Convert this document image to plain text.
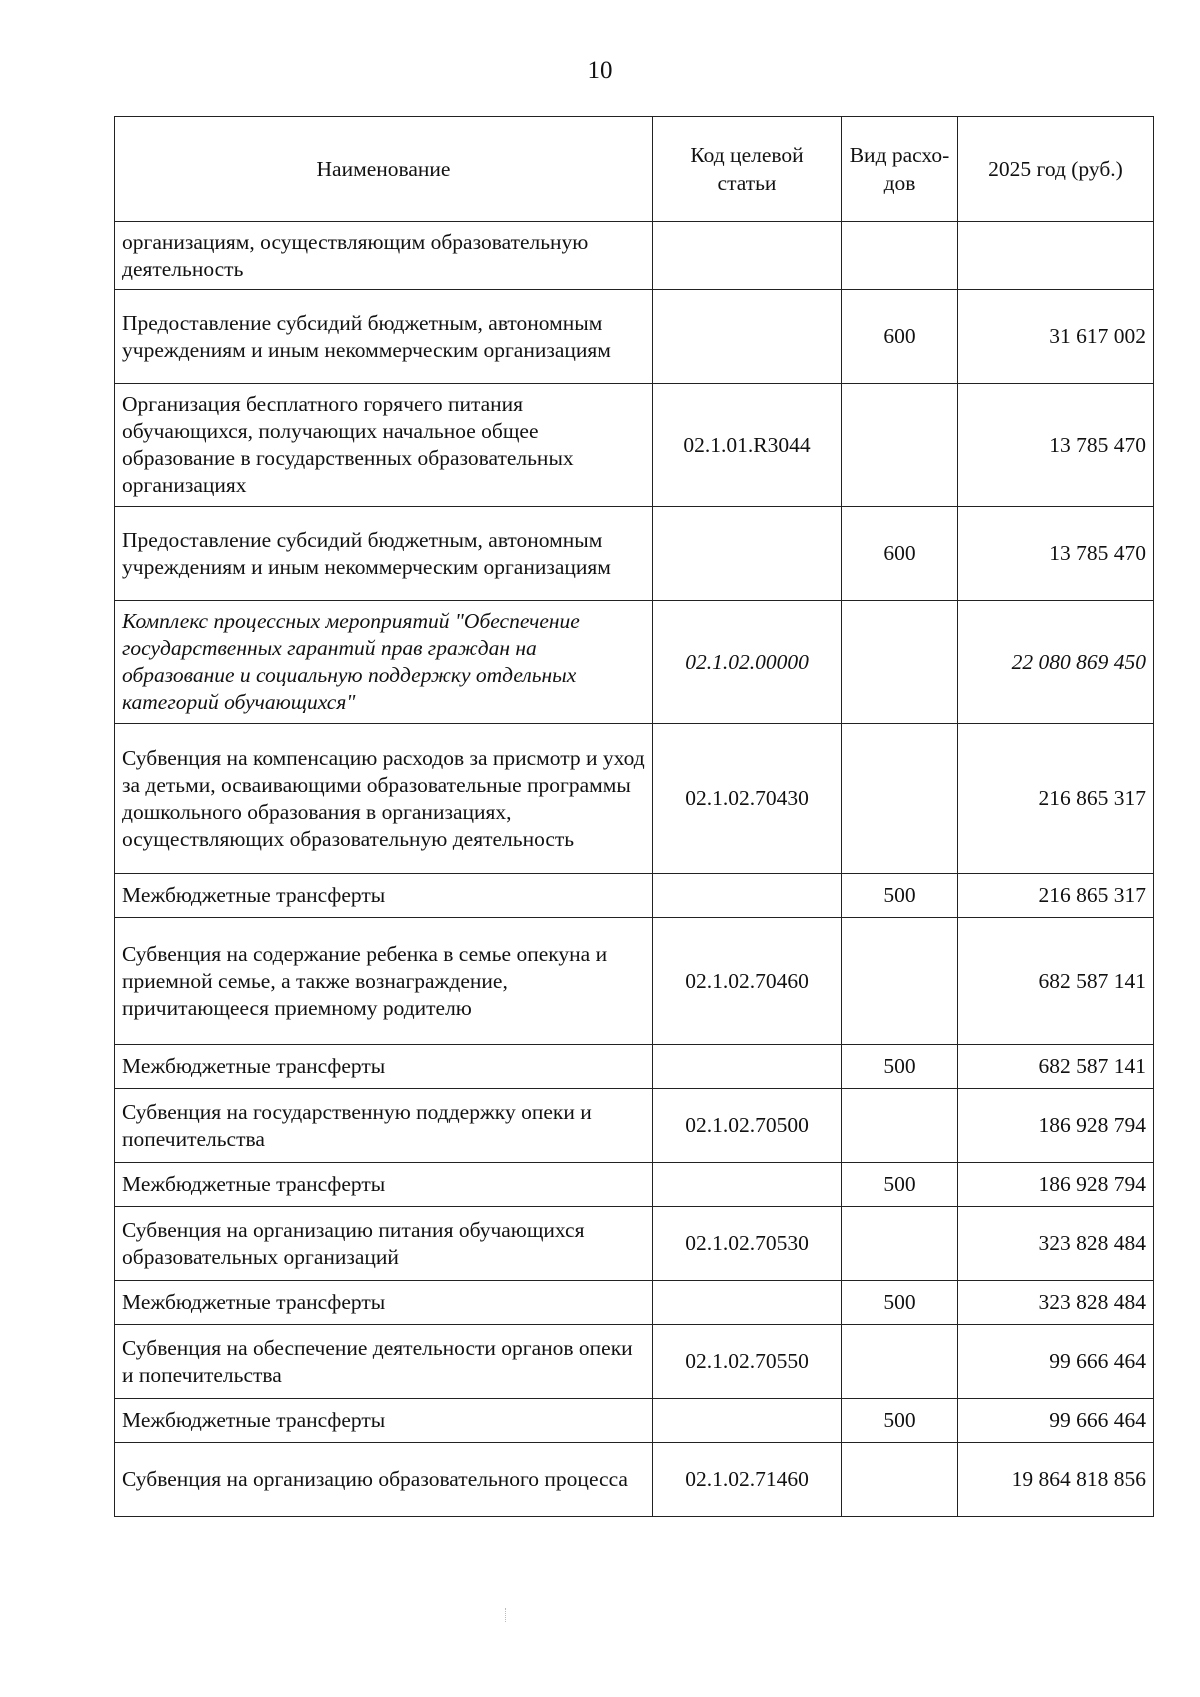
10
Наименование	Код целевой статьи	Вид расхо-дов	2025 год (руб.)
организациям, осуществляющим образовательную деятельность			
Предоставление субсидий бюджетным, автономным учреждениям и иным некоммерческим организациям		600	31 617 002
Организация бесплатного горячего питания обучающихся, получающих начальное общее образование в государственных образовательных организациях	02.1.01.R3044		13 785 470
Предоставление субсидий бюджетным, автономным учреждениям и иным некоммерческим организациям		600	13 785 470
Комплекс процессных мероприятий "Обеспечение государственных гарантий прав граждан на образование и социальную поддержку отдельных категорий обучающихся"	02.1.02.00000		22 080 869 450
Субвенция на компенсацию расходов за присмотр и уход за детьми, осваивающими образовательные программы дошкольного образования в организациях, осуществляющих образовательную деятельность	02.1.02.70430		216 865 317
Межбюджетные трансферты		500	216 865 317
Субвенция на содержание ребенка в семье опекуна и приемной семье, а также вознаграждение, причитающееся приемному родителю	02.1.02.70460		682 587 141
Межбюджетные трансферты		500	682 587 141
Субвенция на государственную поддержку опеки и попечительства	02.1.02.70500		186 928 794
Межбюджетные трансферты		500	186 928 794
Субвенция на организацию питания обучающихся образовательных организаций	02.1.02.70530		323 828 484
Межбюджетные трансферты		500	323 828 484
Субвенция на обеспечение деятельности органов опеки и попечительства	02.1.02.70550		99 666 464
Межбюджетные трансферты		500	99 666 464
Субвенция на организацию образовательного процесса	02.1.02.71460		19 864 818 856
